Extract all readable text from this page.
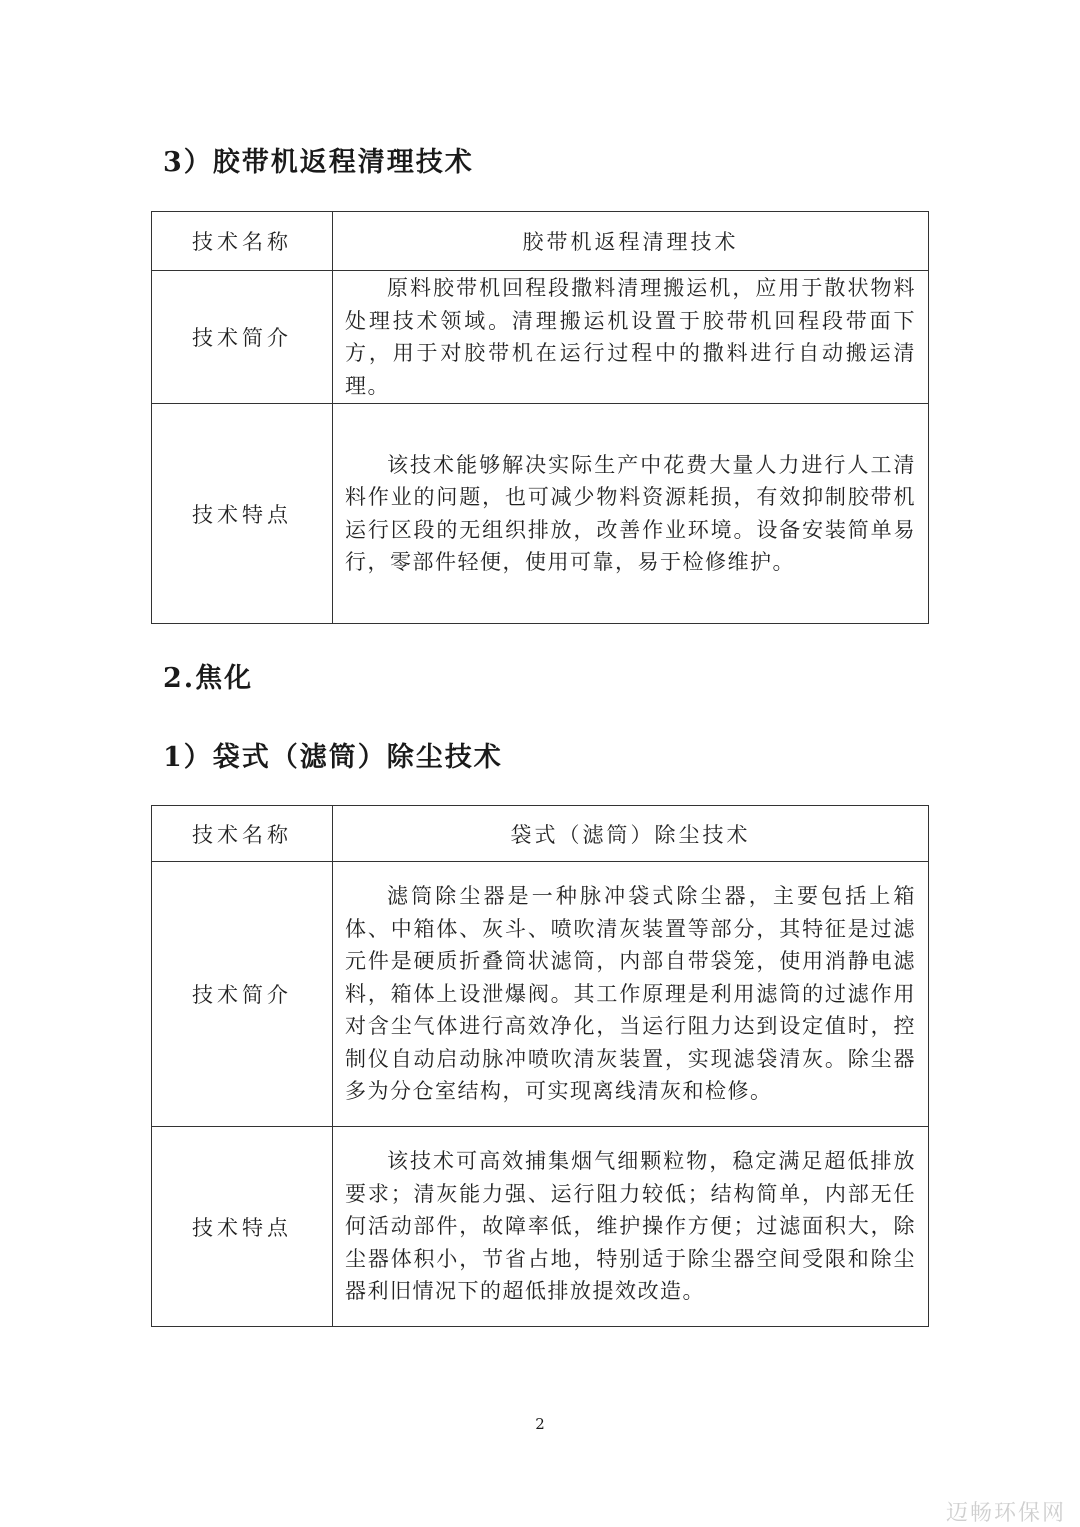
3）胶带机返程清理技术
技术名称	胶带机返程清理技术
技术简介	原料胶带机回程段撒料清理搬运机，应用于散状物料处理技术领域。清理搬运机设置于胶带机回程段带面下方，用于对胶带机在运行过程中的撒料进行自动搬运清理。

技术特点	该技术能够解决实际生产中花费大量人力进行人工清料作业的问题，也可减少物料资源耗损，有效抑制胶带机运行区段的无组织排放，改善作业环境。设备安装简单易行，零部件轻便，使用可靠，易于检修维护。
2.焦化
1）袋式（滤筒）除尘技术
技术名称	袋式（滤筒）除尘技术
技术简介	滤筒除尘器是一种脉冲袋式除尘器，主要包括上箱体、中箱体、灰斗、喷吹清灰装置等部分，其特征是过滤元件是硬质折叠筒状滤筒，内部自带袋笼，使用消静电滤料，箱体上设泄爆阀。其工作原理是利用滤筒的过滤作用对含尘气体进行高效净化，当运行阻力达到设定值时，控制仪自动启动脉冲喷吹清灰装置，实现滤袋清灰。除尘器多为分仓室结构，可实现离线清灰和检修。

技术特点	该技术可高效捕集烟气细颗粒物，稳定满足超低排放要求；清灰能力强、运行阻力较低；结构简单，内部无任何活动部件，故障率低，维护操作方便；过滤面积大，除尘器体积小，节省占地，特别适于除尘器空间受限和除尘器利旧情况下的超低排放提效改造。
2
迈畅环保网
